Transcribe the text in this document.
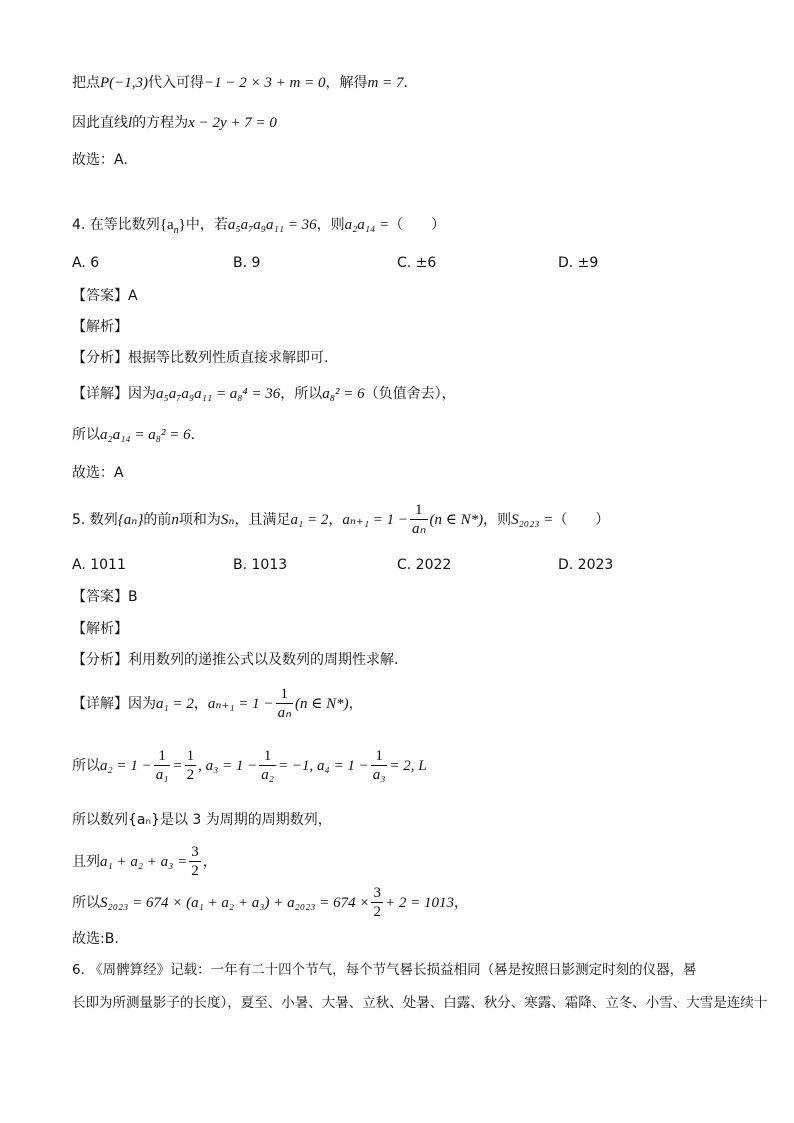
把点P(−1,3)代入可得−1 − 2 × 3 + m = 0，解得m = 7.
因此直线l的方程为x − 2y + 7 = 0
故选：A.
4. 在等比数列$\{a_n\}$中，若a₅a₇a₉a₁₁ = 36，则a₂a₁₄ =（　　）
A. 6	B. 9	C. ±6	D. ±9
【答案】A
【解析】
【分析】根据等比数列性质直接求解即可.
【详解】因为a₅a₇a₉a₁₁ = a₈⁴ = 36，所以a₈² = 6（负值舍去），
所以a₂a₁₄ = a₈² = 6.
故选：A
5. 数列{aₙ}的前n项和为Sₙ，且满足a₁ = 2，$a_{n+1} = 1 - \frac{1}{\text{aₙ}} (n$ ∈ N*)，则S₂₀₂₃ =（　　）
A. 1011	B. 1013	C. 2022	D. 2023
【答案】B
【解析】
【分析】利用数列的递推公式以及数列的周期性求解.
【详解】因为a₁ = 2，$a_{n+1} = 1 - \frac{1}{\text{aₙ}} (n$ ∈ N*)，
所以$a_2 = 1 - \frac{1}{\text{a₁}} = \frac{1}{2}$ , $a_3 = 1 - \frac{1}{\text{a₂}} = -1$, $a_4 = 1 - \frac{1}{\text{a₃}} = 2$, L
所以数列{aₙ}是以 3 为周期的周期数列，
且列$a_1 + a_2 + a_3 = \frac{3}{2}$ ，
所以$S_{2023} = 674 \times (a_1 + a_2 + a_3) + a_{2023} = 674 \times \frac{3}{2} + 2 = 1013$，
故选:B.
6. 《周髀算经》记载：一年有二十四个节气，每个节气晷长损益相同（晷是按照日影测定时刻的仪器，晷
长即为所测量影子的长度），夏至、小暑、大暑、立秋、处暑、白露、秋分、寒露、霜降、立冬、小雪、大雪是连续十
